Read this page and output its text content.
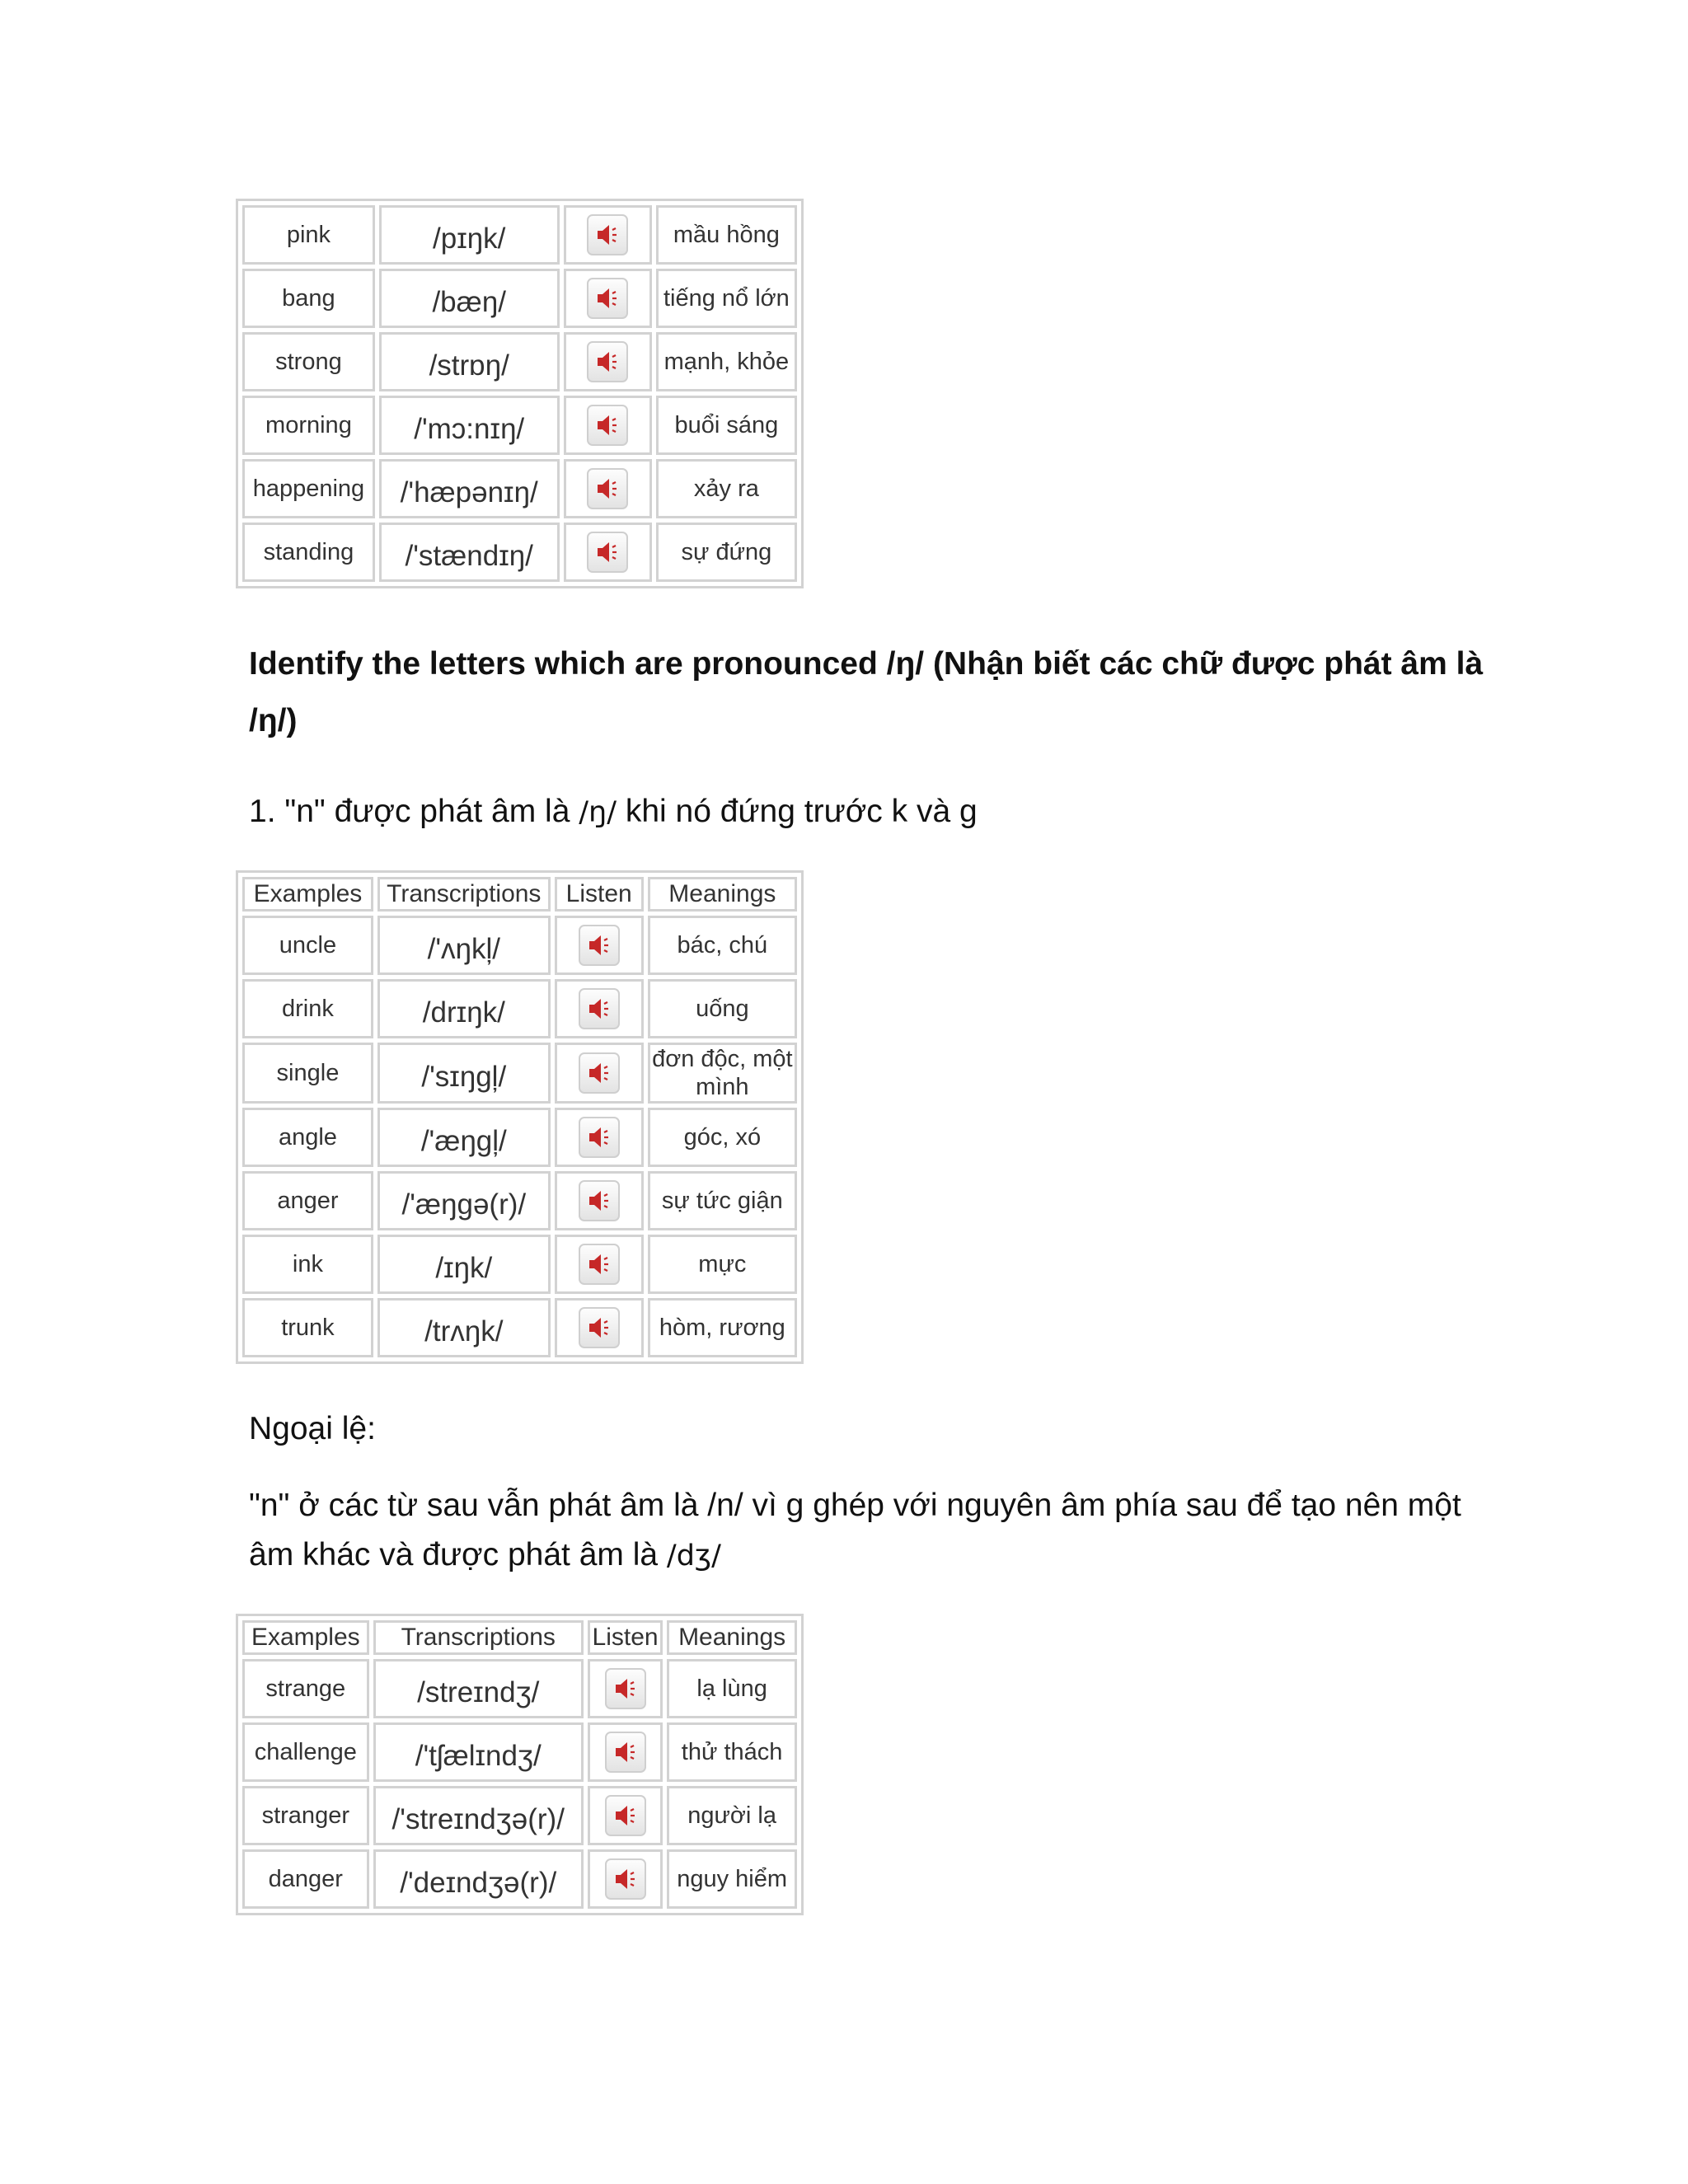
pink	/pɪŋk/		mầu hồng
bang	/bæŋ/		tiếng nổ lớn
strong	/strɒŋ/		mạnh, khỏe
morning	/'mɔ:nɪŋ/		buổi sáng
happening	/'hæpənɪŋ/		xảy ra
standing	/'stændɪŋ/		sự đứng

Identify the letters which are pronounced /ŋ/ (Nhận biết các chữ được phát âm là /ŋ/)

1. "n" được phát âm là /ŋ/ khi nó đứng trước k và g

Examples	Transcriptions	Listen	Meanings
uncle	/'ʌŋkļ/		bác, chú
drink	/drɪŋk/		uống
single	/'sɪŋgļ/		đơn độc, một mình
angle	/'æŋgļ/		góc, xó
anger	/'æŋgə(r)/		sự tức giận
ink	/ɪŋk/		mực
trunk	/trʌŋk/		hòm, rương

Ngoại lệ:

"n" ở các từ sau vẫn phát âm là /n/ vì g ghép với nguyên âm phía sau để tạo nên một âm khác và được phát âm là /dʒ/

Examples	Transcriptions	Listen	Meanings
strange	/streɪndʒ/		lạ lùng
challenge	/'tʃælɪndʒ/		thử thách
stranger	/'streɪndʒə(r)/		người lạ
danger	/'deɪndʒə(r)/		nguy hiểm
